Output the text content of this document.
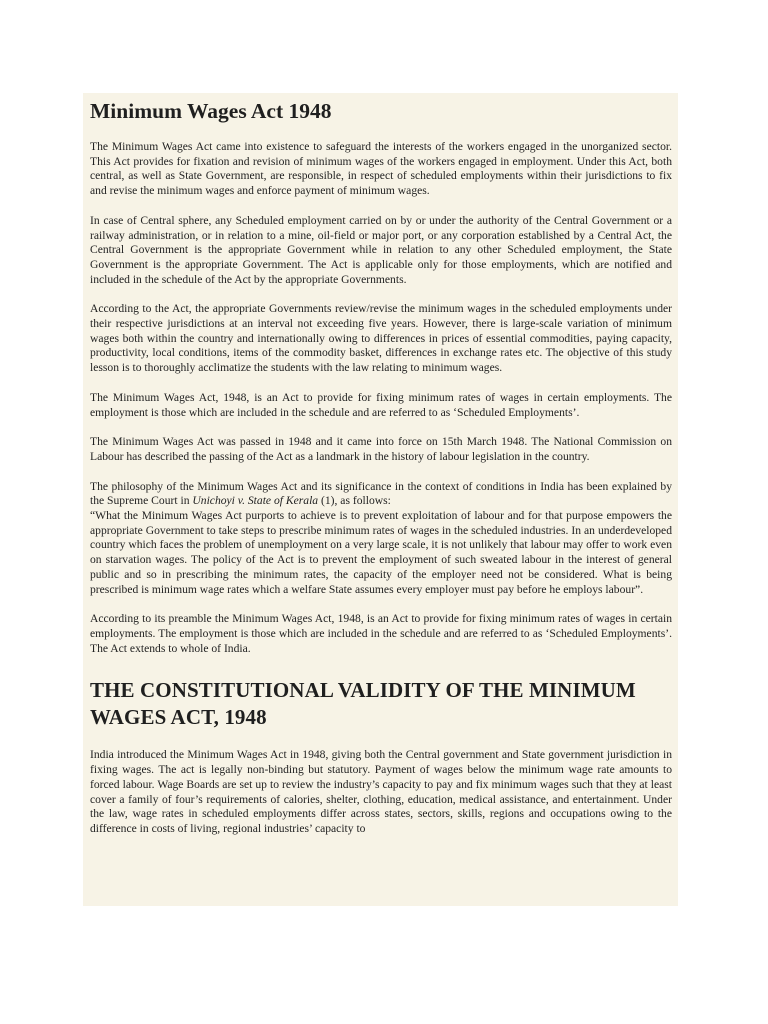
Minimum Wages Act 1948

The Minimum Wages Act came into existence to safeguard the interests of the workers engaged in the unorganized sector. This Act provides for fixation and revision of minimum wages of the workers engaged in employment. Under this Act, both central, as well as State Government, are responsible, in respect of scheduled employments within their jurisdictions to fix and revise the minimum wages and enforce payment of minimum wages.

In case of Central sphere, any Scheduled employment carried on by or under the authority of the Central Government or a railway administration, or in relation to a mine, oil-field or major port, or any corporation established by a Central Act, the Central Government is the appropriate Government while in relation to any other Scheduled employment, the State Government is the appropriate Government. The Act is applicable only for those employments, which are notified and included in the schedule of the Act by the appropriate Governments.

According to the Act, the appropriate Governments review/revise the minimum wages in the scheduled employments under their respective jurisdictions at an interval not exceeding five years. However, there is large-scale variation of minimum wages both within the country and internationally owing to differences in prices of essential commodities, paying capacity, productivity, local conditions, items of the commodity basket, differences in exchange rates etc. The objective of this study lesson is to thoroughly acclimatize the students with the law relating to minimum wages.

The Minimum Wages Act, 1948, is an Act to provide for fixing minimum rates of wages in certain employments. The employment is those which are included in the schedule and are referred to as ‘Scheduled Employments’.

The Minimum Wages Act was passed in 1948 and it came into force on 15th March 1948. The National Commission on Labour has described the passing of the Act as a landmark in the history of labour legislation in the country.

The philosophy of the Minimum Wages Act and its significance in the context of conditions in India has been explained by the Supreme Court in Unichoyi v. State of Kerala (1), as follows:
“What the Minimum Wages Act purports to achieve is to prevent exploitation of labour and for that purpose empowers the appropriate Government to take steps to prescribe minimum rates of wages in the scheduled industries. In an underdeveloped country which faces the problem of unemployment on a very large scale, it is not unlikely that labour may offer to work even on starvation wages. The policy of the Act is to prevent the employment of such sweated labour in the interest of general public and so in prescribing the minimum rates, the capacity of the employer need not be considered. What is being prescribed is minimum wage rates which a welfare State assumes every employer must pay before he employs labour”.

According to its preamble the Minimum Wages Act, 1948, is an Act to provide for fixing minimum rates of wages in certain employments. The employment is those which are included in the schedule and are referred to as ‘Scheduled Employments’. The Act extends to whole of India.

THE CONSTITUTIONAL VALIDITY OF THE MINIMUM WAGES ACT, 1948

India introduced the Minimum Wages Act in 1948, giving both the Central government and State government jurisdiction in fixing wages. The act is legally non-binding but statutory. Payment of wages below the minimum wage rate amounts to forced labour. Wage Boards are set up to review the industry’s capacity to pay and fix minimum wages such that they at least cover a family of four’s requirements of calories, shelter, clothing, education, medical assistance, and entertainment. Under the law, wage rates in scheduled employments differ across states, sectors, skills, regions and occupations owing to the difference in costs of living, regional industries’ capacity to
